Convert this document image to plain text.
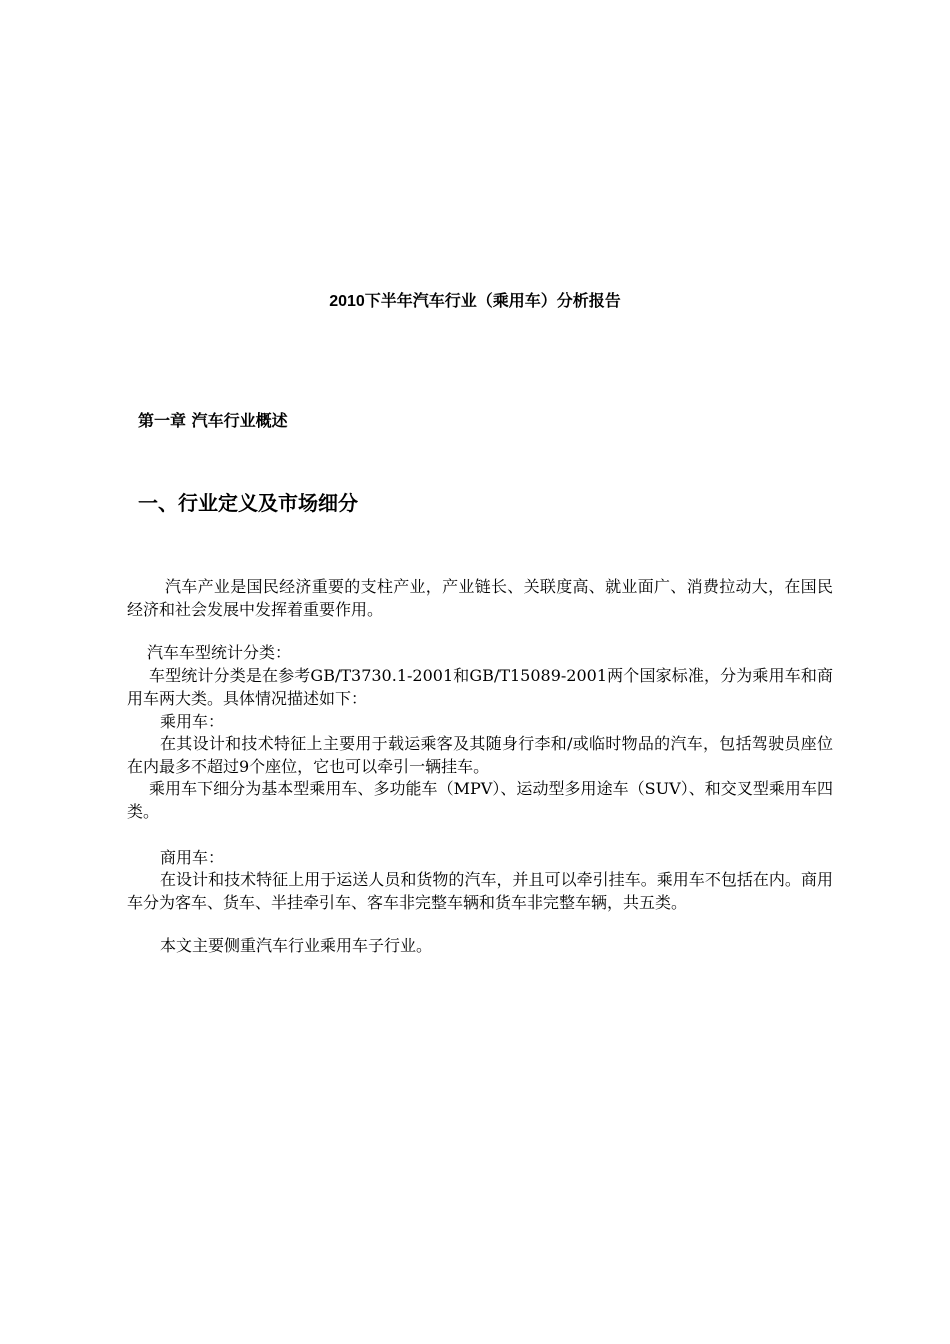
2010下半年汽车行业（乘用车）分析报告
第一章 汽车行业概述
一、行业定义及市场细分
汽车产业是国民经济重要的支柱产业，产业链长、关联度高、就业面广、消费拉动大，在国民经济和社会发展中发挥着重要作用。
汽车车型统计分类：
车型统计分类是在参考GB/T3730.1-2001和GB/T15089-2001两个国家标准，分为乘用车和商用车两大类。具体情况描述如下：
乘用车：
在其设计和技术特征上主要用于载运乘客及其随身行李和/或临时物品的汽车，包括驾驶员座位在内最多不超过9个座位，它也可以牵引一辆挂车。
乘用车下细分为基本型乘用车、多功能车（MPV）、运动型多用途车（SUV）、和交叉型乘用车四类。
商用车：
在设计和技术特征上用于运送人员和货物的汽车，并且可以牵引挂车。乘用车不包括在内。商用车分为客车、货车、半挂牵引车、客车非完整车辆和货车非完整车辆，共五类。
本文主要侧重汽车行业乘用车子行业。
